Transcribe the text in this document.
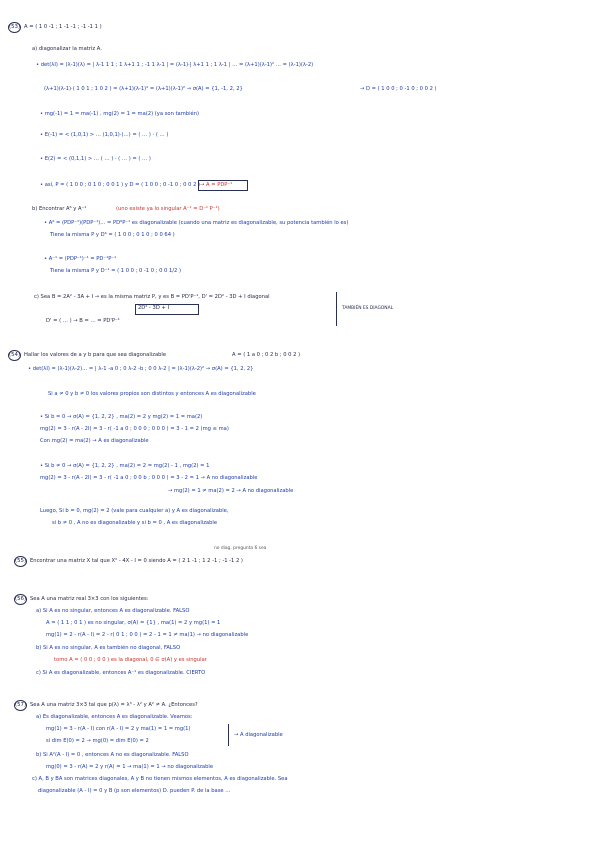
(53) A = ( 1 0 -1 ; 1 -1 -1 ; -1 -1 1 )
a) diagonalizar la matriz A.
• det(λI) = (λ-1)(λ) = | λ-1 1 1 ; 1 λ+1 1 ; -1 1 λ-1 | = (λ-1)·| λ+1 1 ; 1 λ-1 | … = (λ+1)(λ-1)² … = (λ-1)(λ-2)
(λ+1)(λ-1)·( 1 0 1 ; 1 0 2 ) = (λ+1)(λ-1)² = (λ+1)(λ-1)² → σ(A) = {1, -1, 2, 2}	→ D = ( 1 0 0 ; 0 -1 0 ; 0 0 2 )
• mg(-1) = 1 = ma(-1) , mg(2) = 1 = ma(2) (ya son también)
• E(-1) = < (1,0,1) > … (1,0,1)·(…) = ( … ) · ( … )
• E(2) = < (0,1,1) > … ( … ) · ( … ) = ( … )
• así, P = ( 1 0 0 ; 0 1 0 ; 0 0 1 ) y D = ( 1 0 0 ; 0 -1 0 ; 0 0 2 ) → A = PDP⁻¹
b) Encontrar A⁶ y A⁻¹	(uno existe ya lo singular A⁻¹ = D⁻¹ P⁻¹)
• A⁶ = (PDP⁻¹)(PDP⁻¹)… = PD⁶P⁻¹ es diagonalizable (cuando una matriz es diagonalizable, su potencia también lo es)
Tiene la misma P y D⁶ = ( 1 0 0 ; 0 1 0 ; 0 0 64 )
• A⁻¹ = (PDP⁻¹)⁻¹ = PD⁻¹P⁻¹
Tiene la misma P y D⁻¹ = ( 1 0 0 ; 0 -1 0 ; 0 0 1/2 )
c) Sea B = 2A² - 3A + I → es la misma matriz P, y es B = PD'P⁻¹, D' = 2D² - 3D + I diagonal
2D² - 3D + I
D' = ( … ) → B = … = PD'P⁻¹
TAMBIÉN ES DIAGONAL
(54) Hallar los valores de a y b para que sea diagonalizable	A = ( 1 a 0 ; 0 2 b ; 0 0 2 )
• det(λI) = (λ-1)(λ-2)… = | λ-1 -a 0 ; 0 λ-2 -b ; 0 0 λ-2 | = (λ-1)(λ-2)² → σ(A) = {1, 2, 2}
Si a ≠ 0 y b ≠ 0 los valores propios son distintos y entonces A es diagonalizable
• Si b = 0 → σ(A) = {1, 2, 2} , ma(2) = 2 y mg(2) = 1 = ma(2)
mg(2) = 3 - r(A - 2I) = 3 - r( -1 a 0 ; 0 0 0 ; 0 0 0 ) = 3 - 1 = 2 (mg ≤ ma)
Con mg(2) = ma(2) → A es diagonalizable
• Si b ≠ 0 → σ(A) = {1, 2, 2} , ma(2) = 2 = mg(2) - 1 , mg(2) = 1
mg(2) = 3 - r(A - 2I) = 3 - r( -1 a 0 ; 0 0 b ; 0 0 0 ) = 3 - 2 = 1 → A no diagonalizable
→ mg(2) = 1 ≠ ma(2) = 2 → A no diagonalizable
Luego, Si b = 0, mg(2) = 2 (vale para cualquier a) y A es diagonalizable,
si b ≠ 0 , A no es diagonalizable y si b = 0 , A es diagonalizable
no diag. pregunta 6 sea
(55) Encontrar una matriz X tal que X² - 4X - I = 0 siendo A = ( 2 1 -1 ; 1 2 -1 ; -1 -1 2 )
(56) Sea A una matriz real 3×3 con los siguientes:
a) Si A es no singular, entonces A es diagonalizable. FALSO
A = ( 1 1 ; 0 1 ) es no singular, σ(A) = {1} , ma(1) = 2 y mg(1) = 1
mg(1) = 2 - r(A - I) = 2 - r( 0 1 ; 0 0 ) = 2 - 1 = 1 ≠ ma(1) → no diagonalizable
b) Si A es no singular, A es también no diagonal, FALSO
tomo A = ( 0 0 ; 0 0 ) es la diagonal, 0 ∈ σ(A) y es singular
c) Si A es diagonalizable, entonces A⁻¹ es diagonalizable. CIERTO
(57) Sea A una matriz 3×3 tal que p(λ) = λ³ - λ² y A² ≠ A. ¿Entonces?
a) Es diagonalizable, entonces A es diagonalizable. Veamos:
mg(1) = 3 - r(A - I) con r(A - I) = 2 y ma(1) = 1 = mg(1)
si dim E(0) = 2 → mg(0) = dim E(0) = 2
→ A diagonalizable
b) Si A²(A - I) = 0 , entonces A no es diagonalizable. FALSO
mg(0) = 3 - r(A) = 2 y r(A) = 1 → ma(1) = 1 → no diagonalizable
c) A, B y BA son matrices diagonales, A y B no tienen mismos elementos, A es diagonalizable. Sea
diagonalizable (A - I) = 0 y B (p son elementos) D. pueden P. de la base …
